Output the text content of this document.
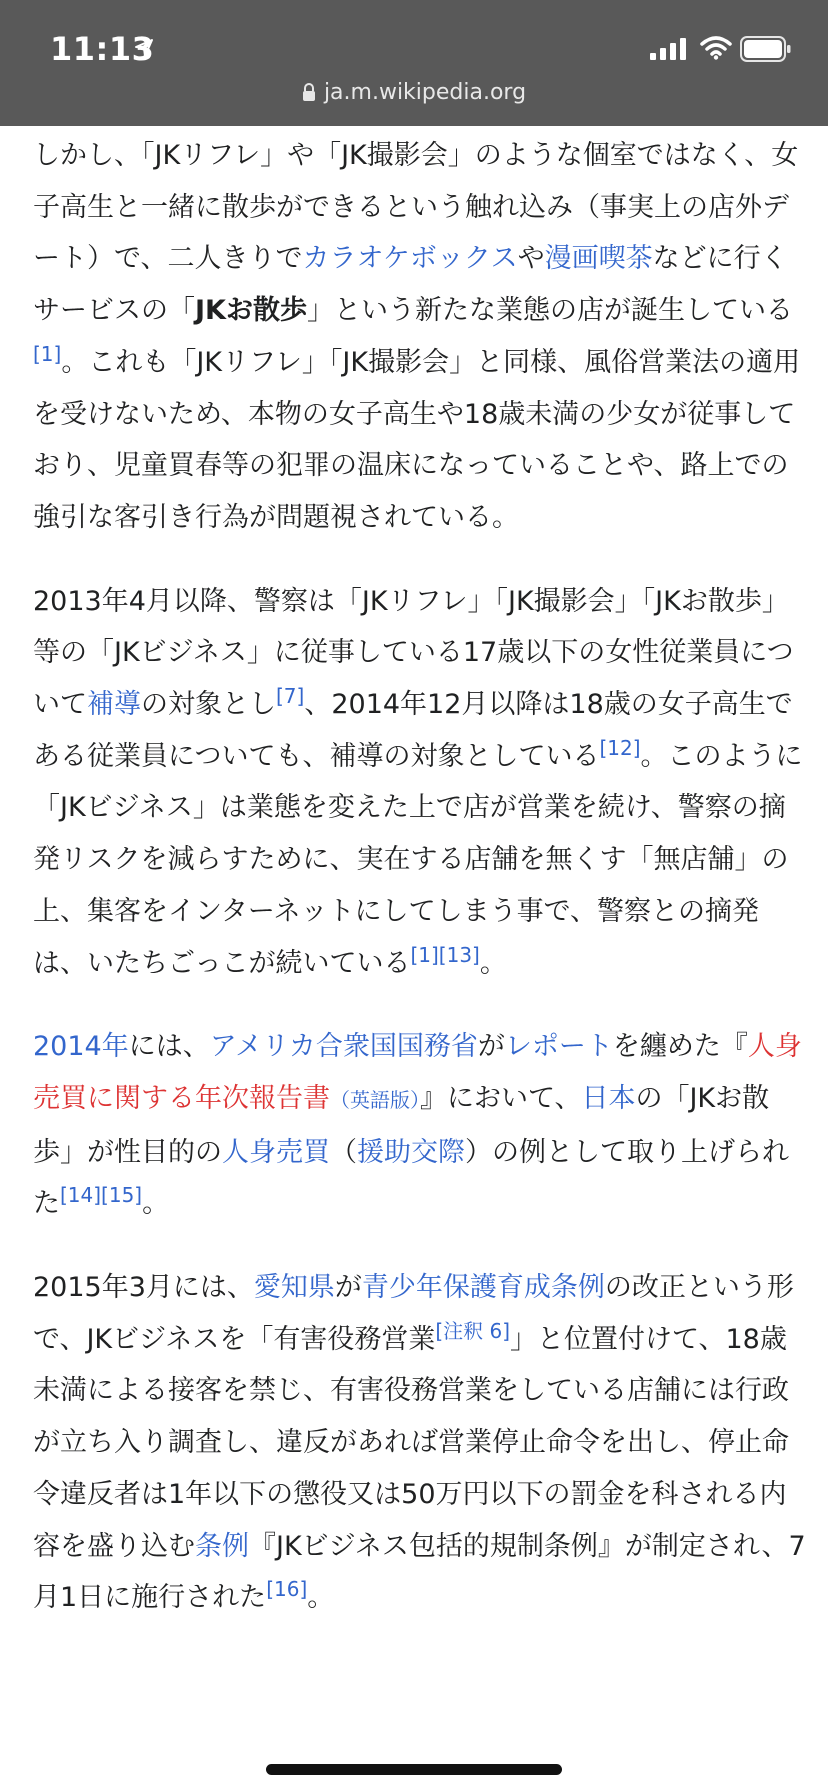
11:13
ja.m.wikipedia.org

しかし、「JKリフレ」や「JK撮影会」のような個室ではなく、女子高生と一緒に散歩ができるという触れ込み（事実上の店外デート）で、二人きりでカラオケボックスや漫画喫茶などに行くサービスの「JKお散歩」という新たな業態の店が誕生している[1]。これも「JKリフレ」「JK撮影会」と同様、風俗営業法の適用を受けないため、本物の女子高生や18歳未満の少女が従事しており、児童買春等の犯罪の温床になっていることや、路上での強引な客引き行為が問題視されている。

2013年4月以降、警察は「JKリフレ」「JK撮影会」「JKお散歩」等の「JKビジネス」に従事している17歳以下の女性従業員について補導の対象とし[7]、2014年12月以降は18歳の女子高生である従業員についても、補導の対象としている[12]。このように「JKビジネス」は業態を変えた上で店が営業を続け、警察の摘発リスクを減らすために、実在する店舗を無くす「無店舗」の上、集客をインターネットにしてしまう事で、警察との摘発は、いたちごっこが続いている[1][13]。

2014年には、アメリカ合衆国国務省がレポートを纏めた『人身売買に関する年次報告書（英語版）』において、日本の「JKお散歩」が性目的の人身売買（援助交際）の例として取り上げられた[14][15]。

2015年3月には、愛知県が青少年保護育成条例の改正という形で、JKビジネスを「有害役務営業[注釈 6]」と位置付けて、18歳未満による接客を禁じ、有害役務営業をしている店舗には行政が立ち入り調査し、違反があれば営業停止命令を出し、停止命令違反者は1年以下の懲役又は50万円以下の罰金を科される内容を盛り込む条例『JKビジネス包括的規制条例』が制定され、7月1日に施行された[16]。
